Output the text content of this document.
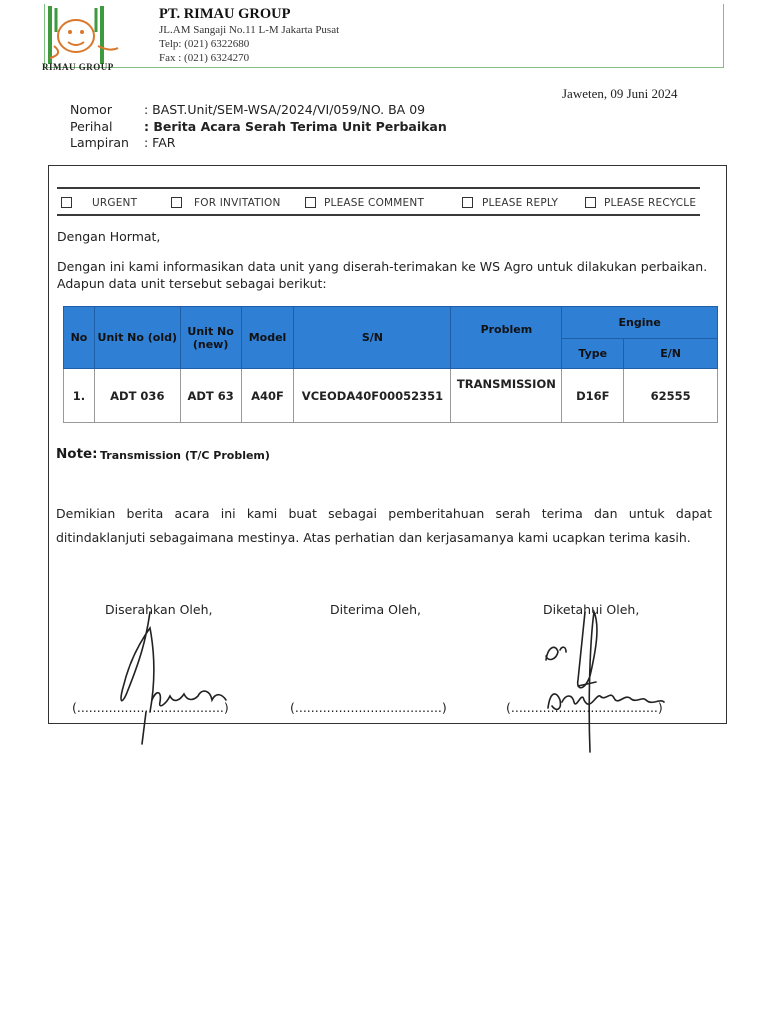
RIMAU GROUP
PT. RIMAU GROUP
JL.AM Sangaji No.11 L-M Jakarta Pusat
Telp: (021) 6322680
Fax : (021) 6324270
Jaweten, 09 Juni 2024
Nomor	: BAST.Unit/SEM-WSA/2024/VI/059/NO. BA 09
Perihal	: Berita Acara Serah Terima Unit Perbaikan
Lampiran : FAR
URGENT	FOR INVITATION	PLEASE COMMENT	PLEASE REPLY	PLEASE RECYCLE
Dengan Hormat,
Dengan ini kami informasikan data unit yang diserah-terimakan ke WS Agro untuk dilakukan perbaikan.
Adapun data unit tersebut sebagai berikut:
No	Unit No (old)	Unit No (new)	Model	S/N	Problem	Engine	
						Type	E/N
1.	ADT 036	ADT 63	A40F	VCEODA40F00052351	TRANSMISSION	D16F	62555
Note: Transmission (T/C Problem)

Demikian berita acara ini kami buat sebagai pemberitahuan serah terima dan untuk dapat

ditindaklanjuti sebagaimana mestinya. Atas perhatian dan kerjasamanya kami ucapkan terima kasih.

Diserahkan Oleh,	Diterima Oleh,	Diketahui Oleh,
(.....................................)	(.....................................)	(.....................................)
